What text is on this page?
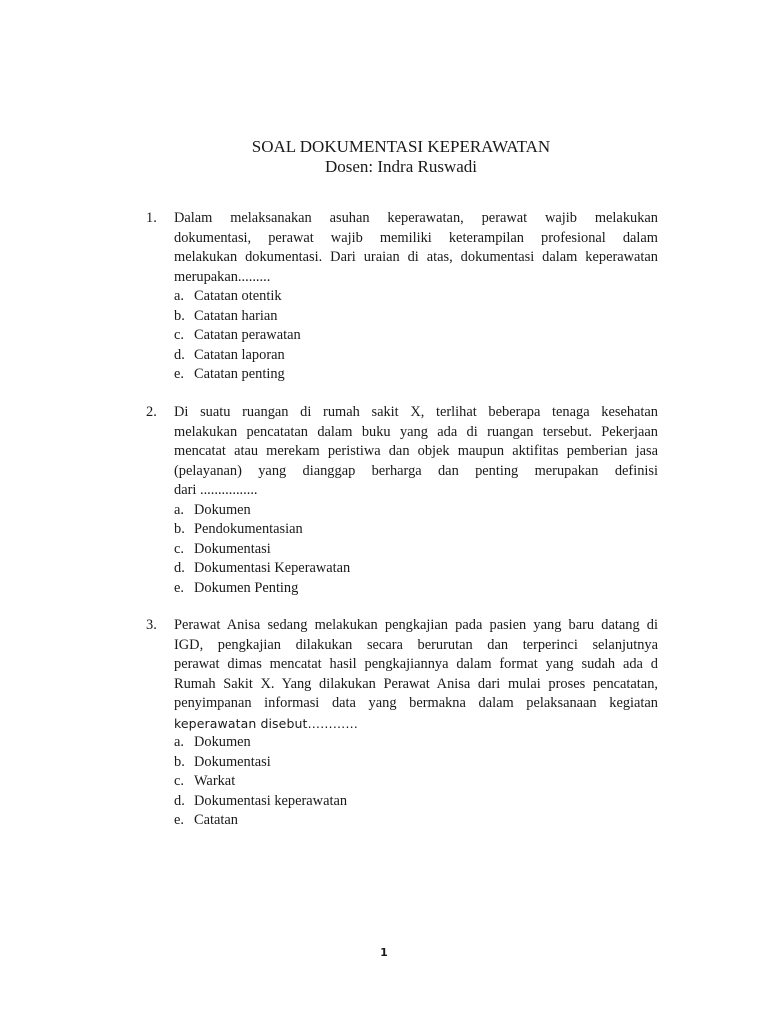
SOAL DOKUMENTASI KEPERAWATAN
Dosen: Indra Ruswadi
1. Dalam melaksanakan asuhan keperawatan, perawat wajib melakukan
dokumentasi, perawat wajib memiliki keterampilan profesional dalam
melakukan dokumentasi. Dari uraian di atas, dokumentasi dalam keperawatan
merupakan.........
a. Catatan otentik
b. Catatan harian
c. Catatan perawatan
d. Catatan laporan
e. Catatan penting
2. Di suatu ruangan di rumah sakit X, terlihat beberapa tenaga kesehatan
melakukan pencatatan dalam buku yang ada di ruangan tersebut. Pekerjaan
mencatat atau merekam peristiwa dan objek maupun aktifitas pemberian jasa
(pelayanan) yang dianggap berharga dan penting merupakan definisi
dari ................
a. Dokumen
b. Pendokumentasian
c. Dokumentasi
d. Dokumentasi Keperawatan
e. Dokumen Penting
3. Perawat Anisa sedang melakukan pengkajian pada pasien yang baru datang di
IGD, pengkajian dilakukan secara berurutan dan terperinci selanjutnya
perawat dimas mencatat hasil pengkajiannya dalam format yang sudah ada d
Rumah Sakit X. Yang dilakukan Perawat Anisa dari mulai proses pencatatan,
penyimpanan informasi data yang bermakna dalam pelaksanaan kegiatan
keperawatan disebut…………
a. Dokumen
b. Dokumentasi
c. Warkat
d. Dokumentasi keperawatan
e. Catatan
1
